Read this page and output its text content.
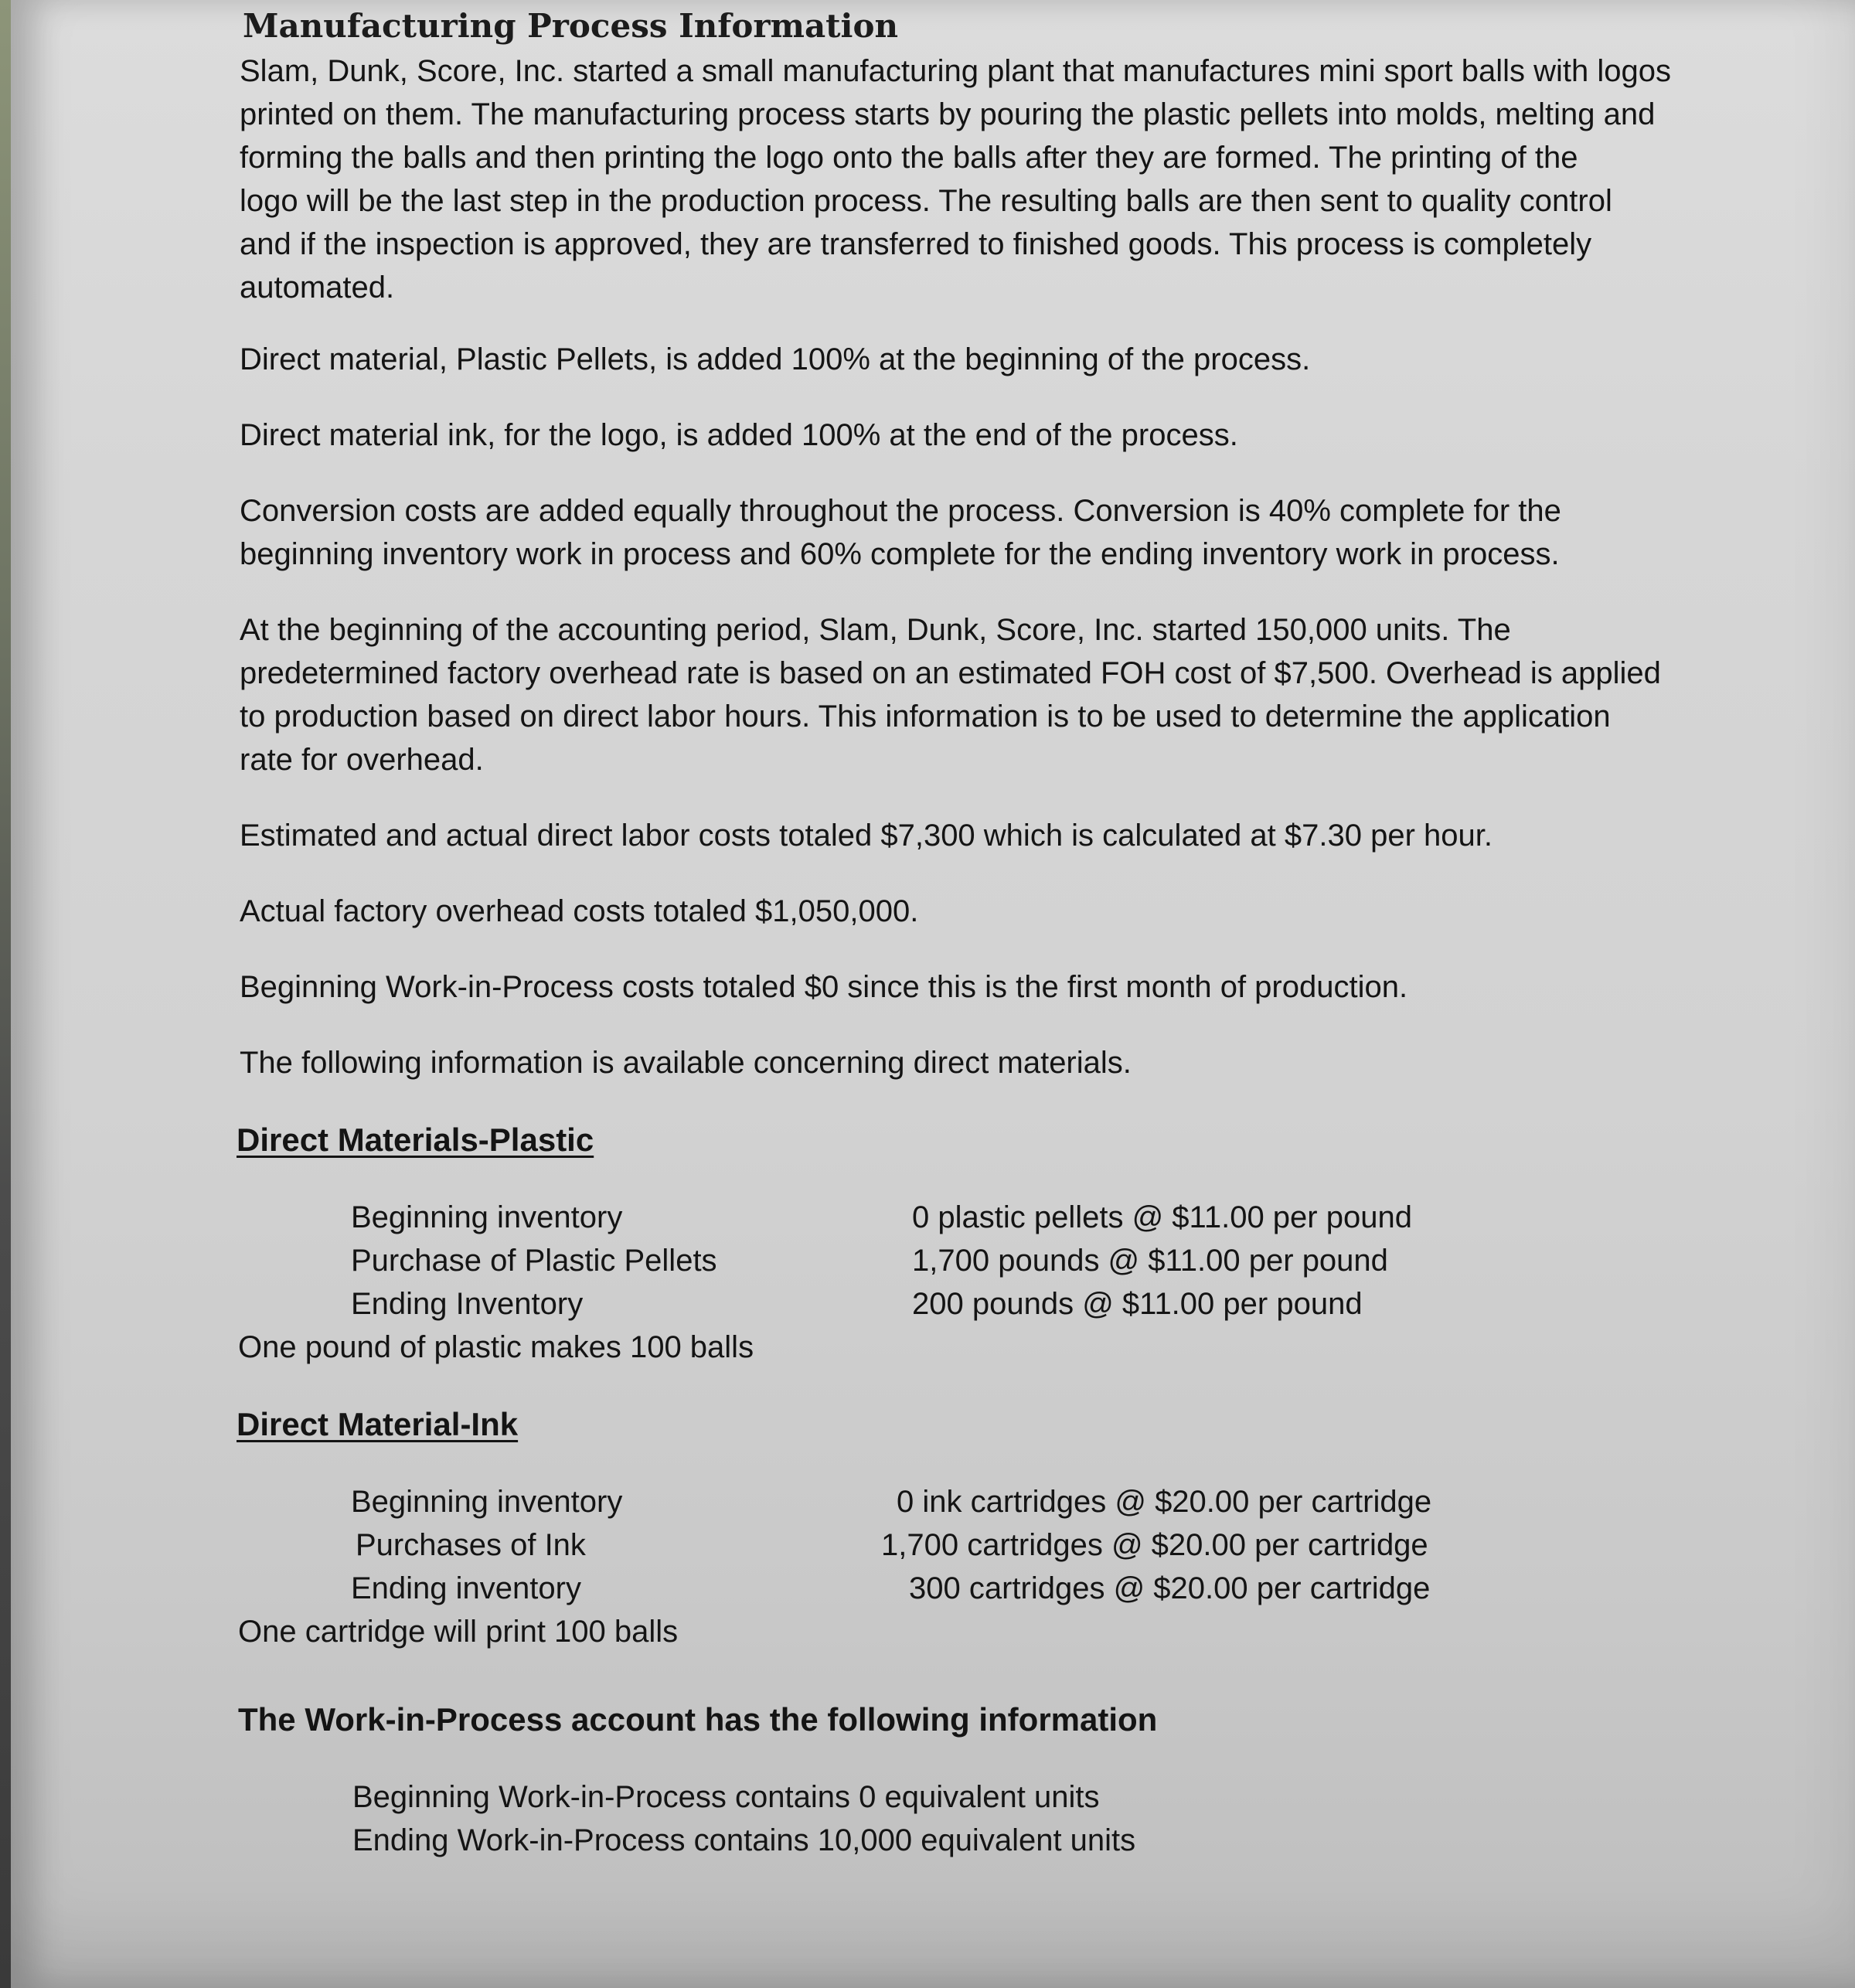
Manufacturing Process Information

Slam, Dunk, Score, Inc. started a small manufacturing plant that manufactures mini sport balls with logos
printed on them. The manufacturing process starts by pouring the plastic pellets into molds, melting and
forming the balls and then printing the logo onto the balls after they are formed. The printing of the
logo will be the last step in the production process. The resulting balls are then sent to quality control
and if the inspection is approved, they are transferred to finished goods. This process is completely
automated.

Direct material, Plastic Pellets, is added 100% at the beginning of the process.

Direct material ink, for the logo, is added 100% at the end of the process.

Conversion costs are added equally throughout the process. Conversion is 40% complete for the
beginning inventory work in process and 60% complete for the ending inventory work in process.

At the beginning of the accounting period, Slam, Dunk, Score, Inc. started 150,000 units. The
predetermined factory overhead rate is based on an estimated FOH cost of $7,500. Overhead is applied
to production based on direct labor hours. This information is to be used to determine the application
rate for overhead.

Estimated and actual direct labor costs totaled $7,300 which is calculated at $7.30 per hour.

Actual factory overhead costs totaled $1,050,000.

Beginning Work-in-Process costs totaled $0 since this is the first month of production.

The following information is available concerning direct materials.

Direct Materials-Plastic
Beginning inventory	0 plastic pellets @ $11.00 per pound
Purchase of Plastic Pellets	1,700 pounds @ $11.00 per pound
Ending Inventory	200 pounds @ $11.00 per pound
One pound of plastic makes 100 balls
Direct Material-Ink
Beginning inventory	0 ink cartridges @ $20.00 per cartridge
Purchases of Ink	1,700 cartridges @ $20.00 per cartridge
Ending inventory	300 cartridges @ $20.00 per cartridge
One cartridge will print 100 balls
The Work-in-Process account has the following information
Beginning Work-in-Process contains 0 equivalent units
Ending Work-in-Process contains 10,000 equivalent units
